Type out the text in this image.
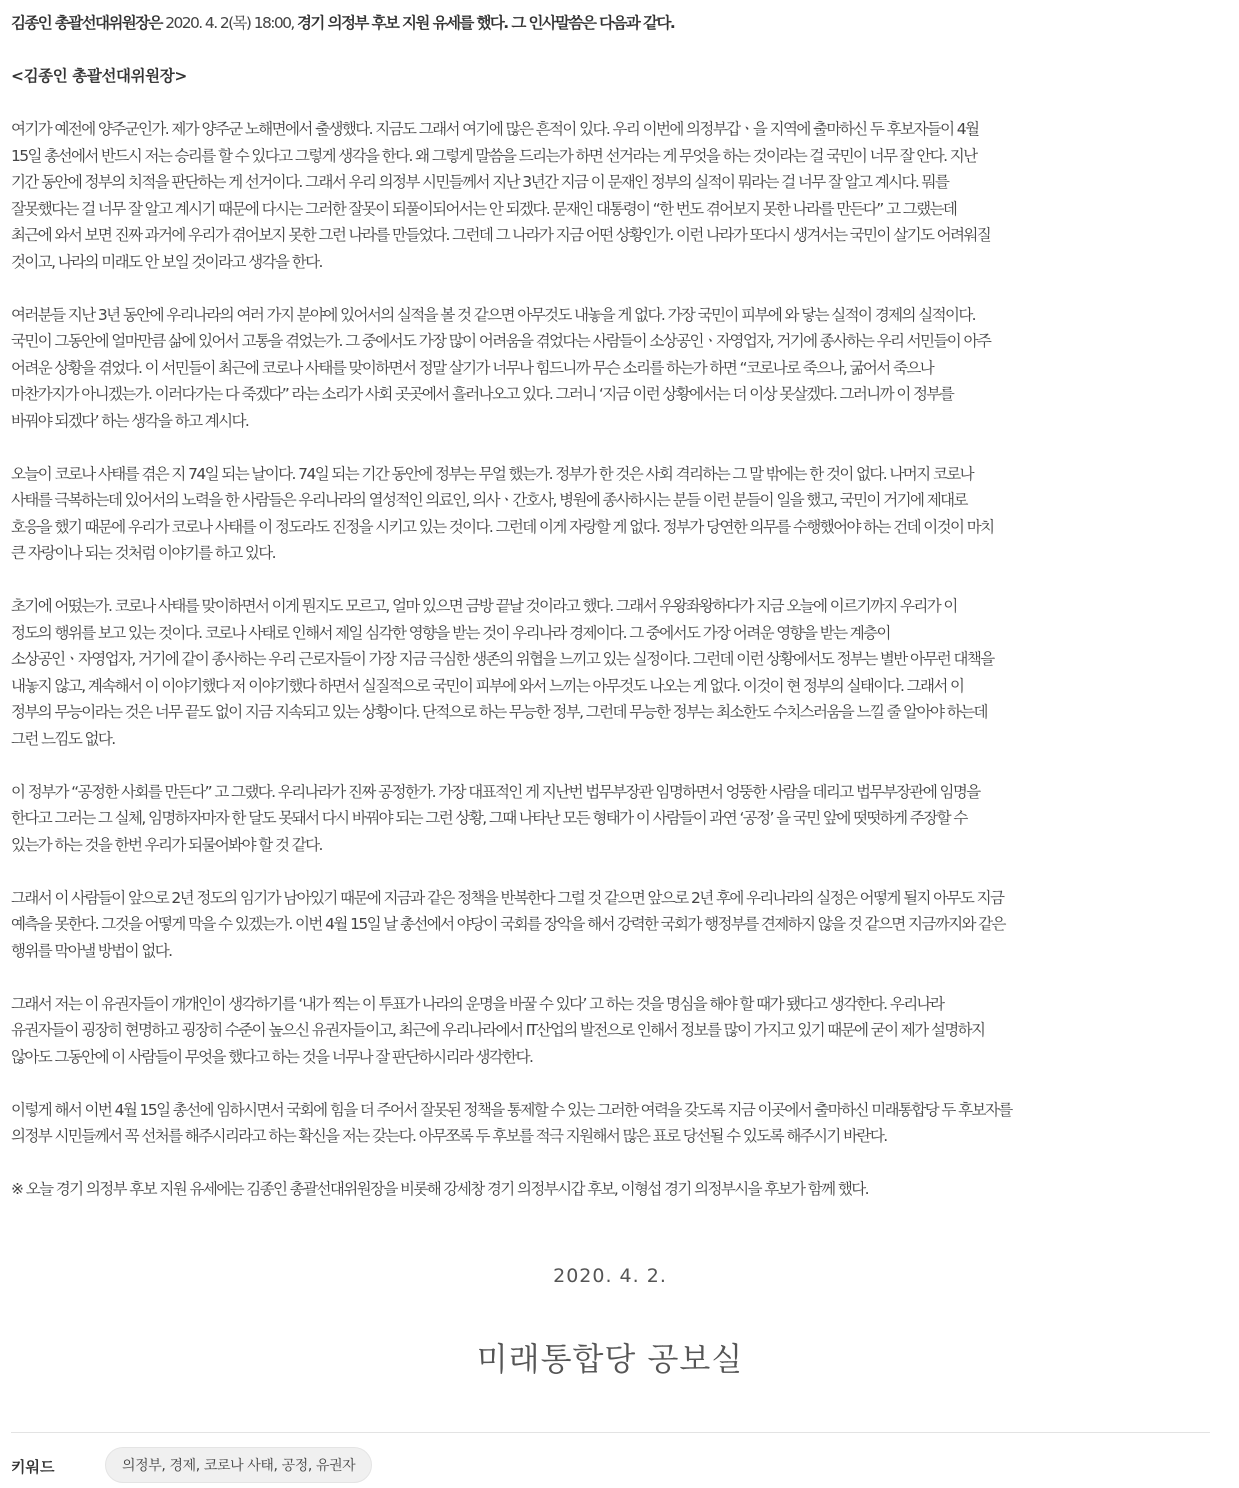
김종인 총괄선대위원장은 2020. 4. 2(목) 18:00, 경기 의정부 후보 지원 유세를 했다. 그 인사말씀은 다음과 같다.

<김종인 총괄선대위원장>

여기가 예전에 양주군인가. 제가 양주군 노해면에서 출생했다. 지금도 그래서 여기에 많은 흔적이 있다. 우리 이번에 의정부갑ㆍ을 지역에 출마하신 두 후보자들이 4월
15일 총선에서 반드시 저는 승리를 할 수 있다고 그렇게 생각을 한다. 왜 그렇게 말씀을 드리는가 하면 선거라는 게 무엇을 하는 것이라는 걸 국민이 너무 잘 안다. 지난
기간 동안에 정부의 치적을 판단하는 게 선거이다. 그래서 우리 의정부 시민들께서 지난 3년간 지금 이 문재인 정부의 실적이 뭐라는 걸 너무 잘 알고 계시다. 뭐를
잘못했다는 걸 너무 잘 알고 계시기 때문에 다시는 그러한 잘못이 되풀이되어서는 안 되겠다. 문재인 대통령이 “한 번도 겪어보지 못한 나라를 만든다” 고 그랬는데
최근에 와서 보면 진짜 과거에 우리가 겪어보지 못한 그런 나라를 만들었다. 그런데 그 나라가 지금 어떤 상황인가. 이런 나라가 또다시 생겨서는 국민이 살기도 어려워질
것이고, 나라의 미래도 안 보일 것이라고 생각을 한다.
여러분들 지난 3년 동안에 우리나라의 여러 가지 분야에 있어서의 실적을 볼 것 같으면 아무것도 내놓을 게 없다. 가장 국민이 피부에 와 닿는 실적이 경제의 실적이다.
국민이 그동안에 얼마만큼 삶에 있어서 고통을 겪었는가. 그 중에서도 가장 많이 어려움을 겪었다는 사람들이 소상공인ㆍ자영업자, 거기에 종사하는 우리 서민들이 아주
어려운 상황을 겪었다. 이 서민들이 최근에 코로나 사태를 맞이하면서 정말 살기가 너무나 힘드니까 무슨 소리를 하는가 하면 “코로나로 죽으나, 굶어서 죽으나
마찬가지가 아니겠는가. 이러다가는 다 죽겠다” 라는 소리가 사회 곳곳에서 흘러나오고 있다. 그러니 ‘지금 이런 상황에서는 더 이상 못살겠다. 그러니까 이 정부를
바꿔야 되겠다’ 하는 생각을 하고 계시다.
오늘이 코로나 사태를 겪은 지 74일 되는 날이다. 74일 되는 기간 동안에 정부는 무얼 했는가. 정부가 한 것은 사회 격리하는 그 말 밖에는 한 것이 없다. 나머지 코로나
사태를 극복하는데 있어서의 노력을 한 사람들은 우리나라의 열성적인 의료인, 의사ㆍ간호사, 병원에 종사하시는 분들 이런 분들이 일을 했고, 국민이 거기에 제대로
호응을 했기 때문에 우리가 코로나 사태를 이 정도라도 진정을 시키고 있는 것이다. 그런데 이게 자랑할 게 없다. 정부가 당연한 의무를 수행했어야 하는 건데 이것이 마치
큰 자랑이나 되는 것처럼 이야기를 하고 있다.
초기에 어떴는가. 코로나 사태를 맞이하면서 이게 뭔지도 모르고, 얼마 있으면 금방 끝날 것이라고 했다. 그래서 우왕좌왕하다가 지금 오늘에 이르기까지 우리가 이
정도의 행위를 보고 있는 것이다. 코로나 사태로 인해서 제일 심각한 영향을 받는 것이 우리나라 경제이다. 그 중에서도 가장 어려운 영향을 받는 계층이
소상공인ㆍ자영업자, 거기에 같이 종사하는 우리 근로자들이 가장 지금 극심한 생존의 위협을 느끼고 있는 실정이다. 그런데 이런 상황에서도 정부는 별반 아무런 대책을
내놓지 않고, 계속해서 이 이야기했다 저 이야기했다 하면서 실질적으로 국민이 피부에 와서 느끼는 아무것도 나오는 게 없다. 이것이 현 정부의 실태이다. 그래서 이
정부의 무능이라는 것은 너무 끝도 없이 지금 지속되고 있는 상황이다. 단적으로 하는 무능한 정부, 그런데 무능한 정부는 최소한도 수치스러움을 느낄 줄 알아야 하는데
그런 느낌도 없다.
이 정부가 “공정한 사회를 만든다” 고 그랬다. 우리나라가 진짜 공정한가. 가장 대표적인 게 지난번 법무부장관 임명하면서 엉뚱한 사람을 데리고 법무부장관에 임명을
한다고 그러는 그 실체, 임명하자마자 한 달도 못돼서 다시 바꿔야 되는 그런 상황, 그때 나타난 모든 형태가 이 사람들이 과연 ‘공정’ 을 국민 앞에 떳떳하게 주장할 수
있는가 하는 것을 한번 우리가 되물어봐야 할 것 같다.
그래서 이 사람들이 앞으로 2년 정도의 임기가 남아있기 때문에 지금과 같은 정책을 반복한다 그럴 것 같으면 앞으로 2년 후에 우리나라의 실정은 어떻게 될지 아무도 지금
예측을 못한다. 그것을 어떻게 막을 수 있겠는가. 이번 4월 15일 날 총선에서 야당이 국회를 장악을 해서 강력한 국회가 행정부를 견제하지 않을 것 같으면 지금까지와 같은
행위를 막아낼 방법이 없다.
그래서 저는 이 유권자들이 개개인이 생각하기를 ‘내가 찍는 이 투표가 나라의 운명을 바꿀 수 있다’ 고 하는 것을 명심을 해야 할 때가 됐다고 생각한다. 우리나라
유권자들이 굉장히 현명하고 굉장히 수준이 높으신 유권자들이고, 최근에 우리나라에서 IT산업의 발전으로 인해서 정보를 많이 가지고 있기 때문에 굳이 제가 설명하지
않아도 그동안에 이 사람들이 무엇을 했다고 하는 것을 너무나 잘 판단하시리라 생각한다.
이렇게 해서 이번 4월 15일 총선에 임하시면서 국회에 힘을 더 주어서 잘못된 정책을 통제할 수 있는 그러한 여력을 갖도록 지금 이곳에서 출마하신 미래통합당 두 후보자를
의정부 시민들께서 꼭 선처를 해주시리라고 하는 확신을 저는 갖는다. 아무쪼록 두 후보를 적극 지원해서 많은 표로 당선될 수 있도록 해주시기 바란다.
※ 오늘 경기 의정부 후보 지원 유세에는 김종인 총괄선대위원장을 비롯해 강세창 경기 의정부시갑 후보, 이형섭 경기 의정부시을 후보가 함께 했다.
2020. 4. 2.
미래통합당 공보실
키워드	의정부, 경제, 코로나 사태, 공정, 유권자
